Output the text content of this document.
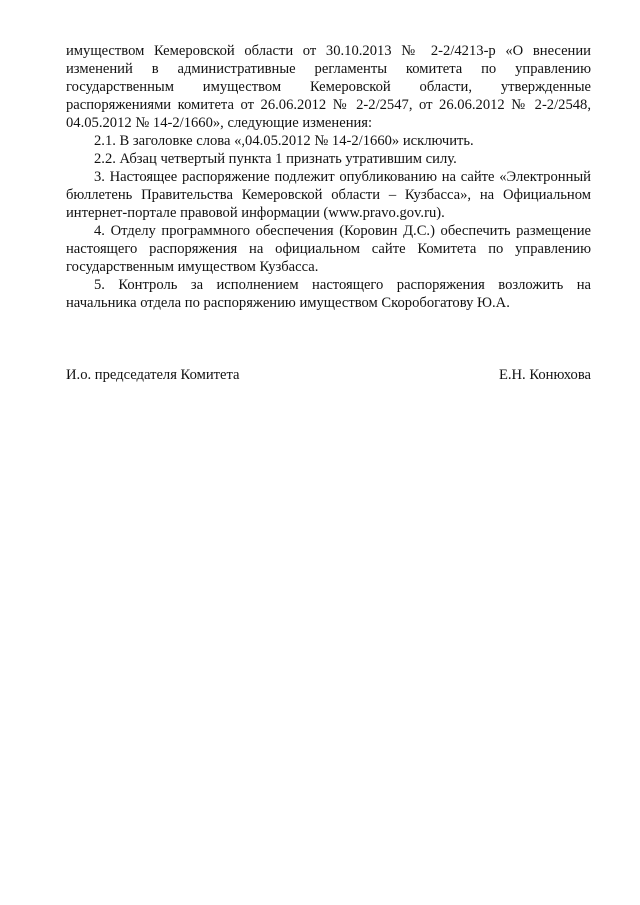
имуществом Кемеровской области от 30.10.2013 № 2-2/4213-р «О внесении изменений в административные регламенты комитета по управлению государственным имуществом Кемеровской области, утвержденные распоряжениями комитета от 26.06.2012 № 2-2/2547, от 26.06.2012 № 2-2/2548, 04.05.2012 № 14-2/1660», следующие изменения:

2.1. В заголовке слова «,04.05.2012 № 14-2/1660» исключить.

2.2. Абзац четвертый пункта 1 признать утратившим силу.

3. Настоящее распоряжение подлежит опубликованию на сайте «Электронный бюллетень Правительства Кемеровской области – Кузбасса», на Официальном интернет-портале правовой информации (www.pravo.gov.ru).

4. Отделу программного обеспечения (Коровин Д.С.) обеспечить размещение настоящего распоряжения на официальном сайте Комитета по управлению государственным имуществом Кузбасса.

5. Контроль за исполнением настоящего распоряжения возложить на начальника отдела по распоряжению имуществом Скоробогатову Ю.А.

И.о. председателя Комитета	Е.Н. Конюхова
